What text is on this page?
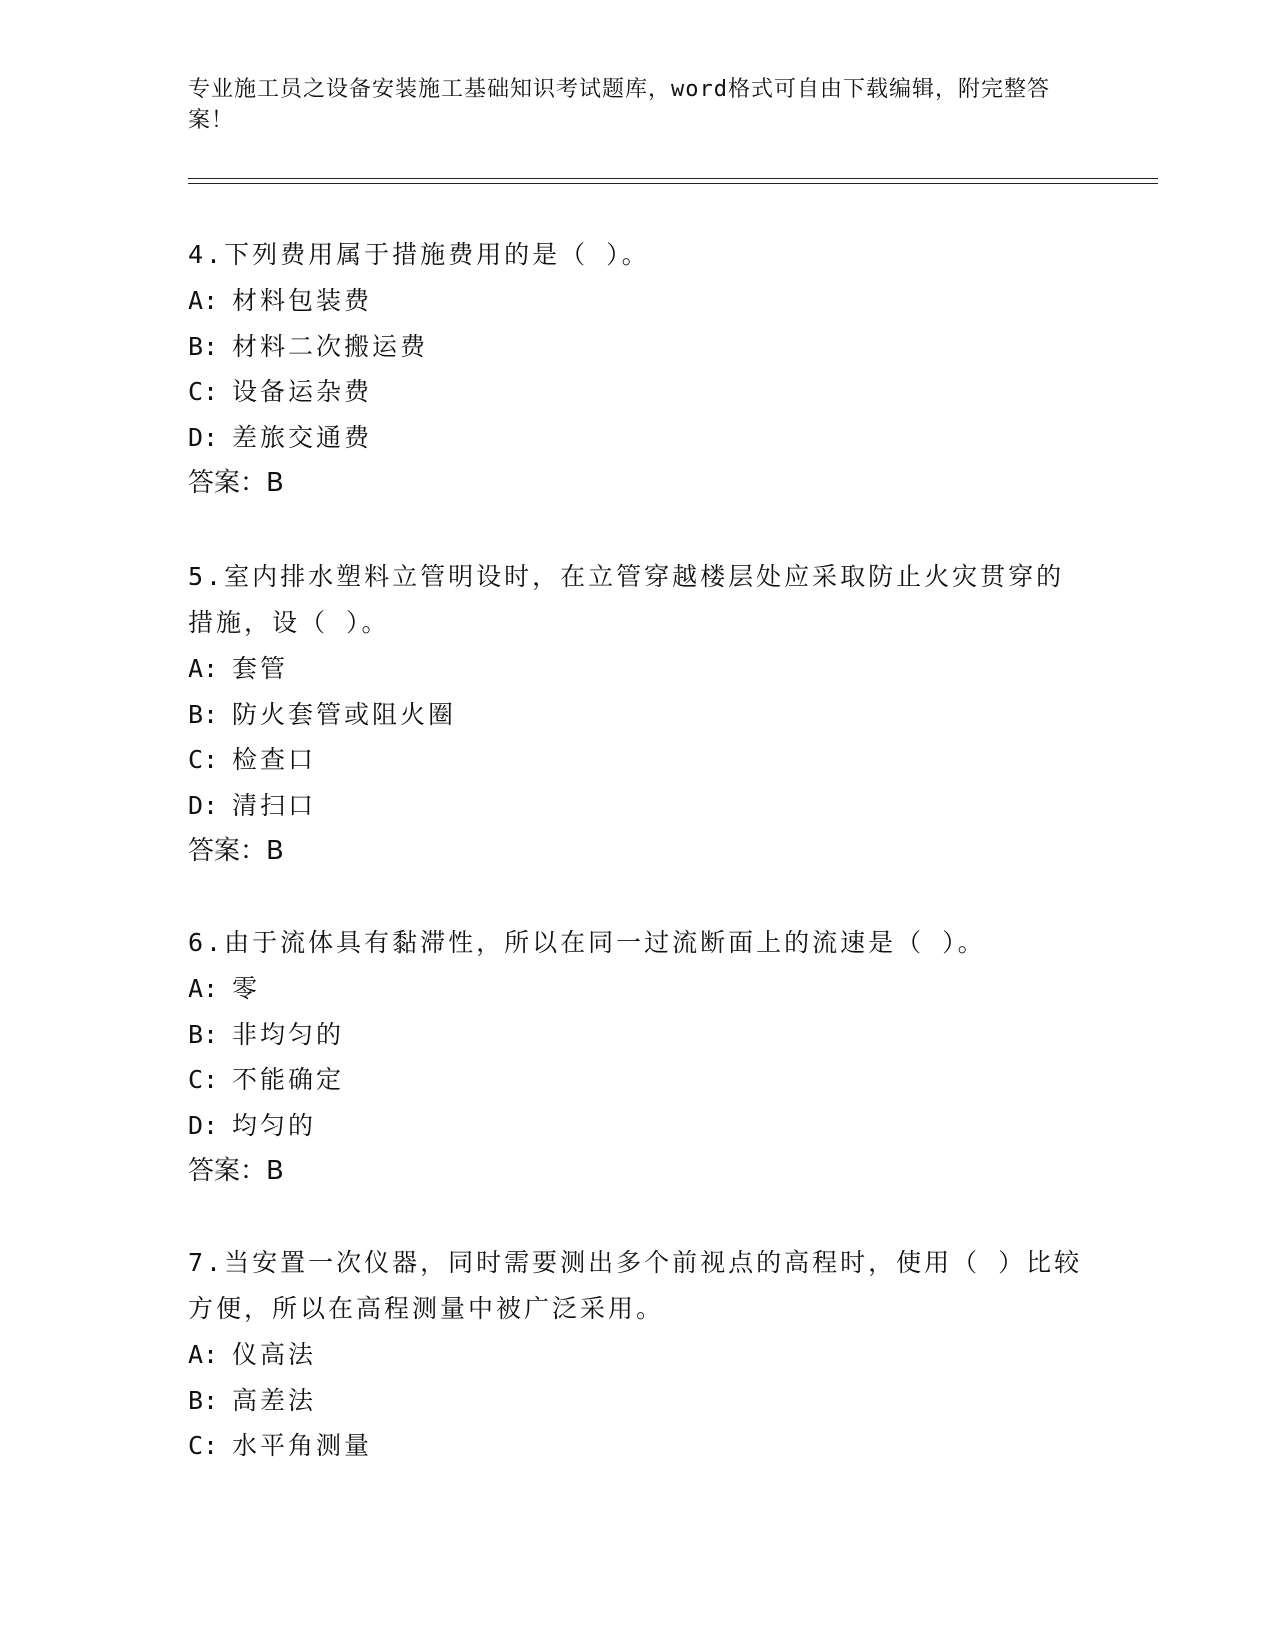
专业施工员之设备安装施工基础知识考试题库，word格式可自由下载编辑，附完整答案！
4.下列费用属于措施费用的是（ ）。
A: 材料包装费
B: 材料二次搬运费
C: 设备运杂费
D: 差旅交通费
答案：B
5.室内排水塑料立管明设时，在立管穿越楼层处应采取防止火灾贯穿的措施，设（ ）。
A: 套管
B: 防火套管或阻火圈
C: 检查口
D: 清扫口
答案：B
6.由于流体具有黏滞性，所以在同一过流断面上的流速是（ ）。
A: 零
B: 非均匀的
C: 不能确定
D: 均匀的
答案：B
7.当安置一次仪器，同时需要测出多个前视点的高程时，使用（ ）比较方便，所以在高程测量中被广泛采用。
A: 仪高法
B: 高差法
C: 水平角测量
